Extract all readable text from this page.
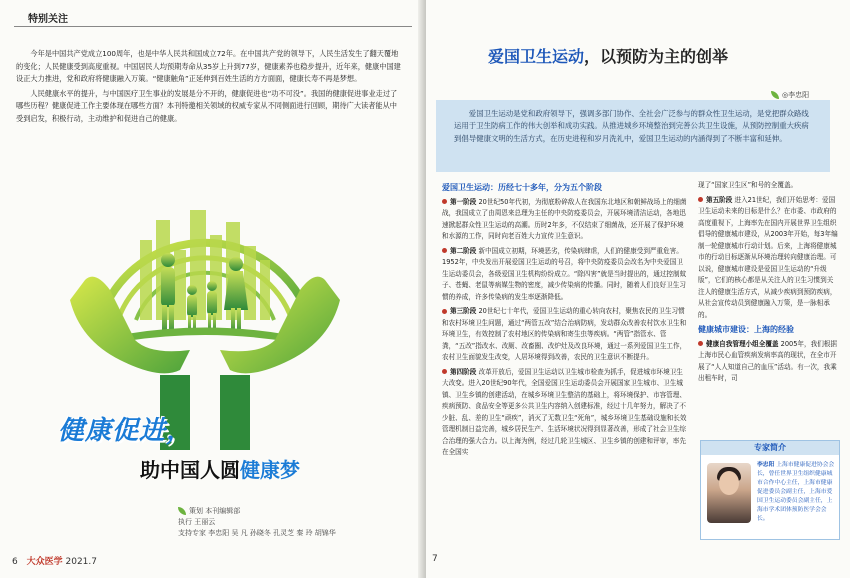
特别关注

今年是中国共产党成立100周年，也是中华人民共和国成立72年。在中国共产党的领导下，人民生活发生了翻天覆地的变化；人民健康受到高度重视。中国居民人均预期寿命从35岁上升到77岁，健康素养也稳步提升，近年来，健康中国建设正大力推进，党和政府将健康融入万策。“健康触角”正延伸到百姓生活的方方面面，健康长寿不再是梦想。

人民健康水平的提升，与中国医疗卫生事业的发展是分不开的，健康促进也“功不可没”。我国的健康促进事业走过了哪些历程？健康促进工作主要体现在哪些方面？本刊特邀相关领域的权威专家从不同侧面进行回顾，期待广大读者能从中受到启发，积极行动，主动维护和促进自己的健康。

健康促进，
助中国人圆健康梦
策划 本刊编辑部
执行 王丽云
支持专家 李忠阳 吴 凡 孙晓冬 孔灵芝 秦 玲 胡锦华
6 大众医学 2021.7
爱国卫生运动，以预防为主的创举
◎李忠阳
爱国卫生运动是党和政府领导下，强调多部门协作、全社会广泛参与的群众性卫生运动，是党把群众路线运用于卫生防病工作的伟大创举和成功实践。从推进城乡环境整治到完善公共卫生设施，从预防控制重大疾病到倡导健康文明的生活方式，在历史进程和岁月洗礼中，爱国卫生运动的内涵得到了不断丰富和延伸。
爱国卫生运动：历经七十多年，分为五个阶段

第一阶段 20世纪50年代初，为彻底粉碎敌人在我国东北地区和朝鲜战场上的细菌战，我国成立了由周恩来总理为主任的中央防疫委员会，开展环境清洁运动，各地迅速掀起群众性卫生运动的高潮。历时2年多，不仅结束了细菌战，还开展了保护环境和水源的工作，同时向老百姓大力宣传卫生意识。

第二阶段 新中国成立初期，环境恶劣，传染病肆虐，人们的健康受到严重危害。1952年，中央发出开展爱国卫生运动的号召，将中央防疫委员会改名为中央爱国卫生运动委员会，各级爱国卫生机构纷纷成立。“除四害”就是当时提出的，通过控制蚊子、苍蝇、老鼠等病媒生物的密度，减少传染病的传播。同时，随着人们良好卫生习惯的养成，许多传染病的发生率逐渐降低。

第三阶段 20世纪七十年代，爱国卫生运动的重心转向农村，聚焦农民的卫生习惯和农村环境卫生问题，通过“两管五改”结合治病防病，发动群众改善农村饮水卫生和环境卫生，有效控制了农村地区的传染病和寄生虫等疾病。“两管”指管水、管粪，“五改”指改水、改厕、改畜圈、改炉灶及改良环境，通过一系列爱国卫生工作，农村卫生面貌发生改变，人居环境得到改善，农民的卫生意识不断提升。

第四阶段 改革开放后，爱国卫生运动以卫生城市检查为抓手，促进城市环境卫生大改变。进入20世纪90年代，全国爱国卫生运动委员会开展国家卫生城市、卫生城镇、卫生乡镇的创建活动，在城乡环境卫生整洁的基础上，将环境保护、市容管理、疾病预防、食品安全等更多公共卫生内容纳入创建标准，经过十几年努力，解决了不少脏、乱、差的卫生“顽疾”，消灭了无数卫生“死角”，城乡环境卫生基础设施和长效管理机制日益完善，城乡居民生产、生活环境状况得到显著改善，形成了社会卫生综合治理的强大合力。以上海为例，经过几轮卫生城区、卫生乡镇的创建和评审，率先在全国实

现了“国家卫生区”和号的全覆盖。

第五阶段 进入21世纪，我们开始思考：爱国卫生运动未来的目标是什么？在市委、市政府的高度重视下，上海率先在国内开展世界卫生组织倡导的健康城市建设，从2003年开始，每3年编制一轮健康城市行动计划。后来，上海将健康城市的行动目标逐渐从环境治理转向健康治理。可以说，健康城市建设是爱国卫生运动的“升级版”，它们的核心都是从关注人的卫生习惯到关注人的健康生活方式，从减少疾病到预防疾病，从社会宣传动员到健康融入万策，是一脉相承的。

健康城市建设：上海的经验

健康自我管理小组全覆盖 2005年，我们根据上海市民心血管疾病发病率高的现状，在全市开展了“人人知道自己的血压”活动。有一次，我乘出租车时，司

专家简介
李忠阳 上海市健康促进协会会长，曾任世界卫生组织健康城市合作中心主任，上海市健康促进委员会副主任，上海市爱国卫生运动委员会副主任，上海市学术团体预防医学会会长。
7
